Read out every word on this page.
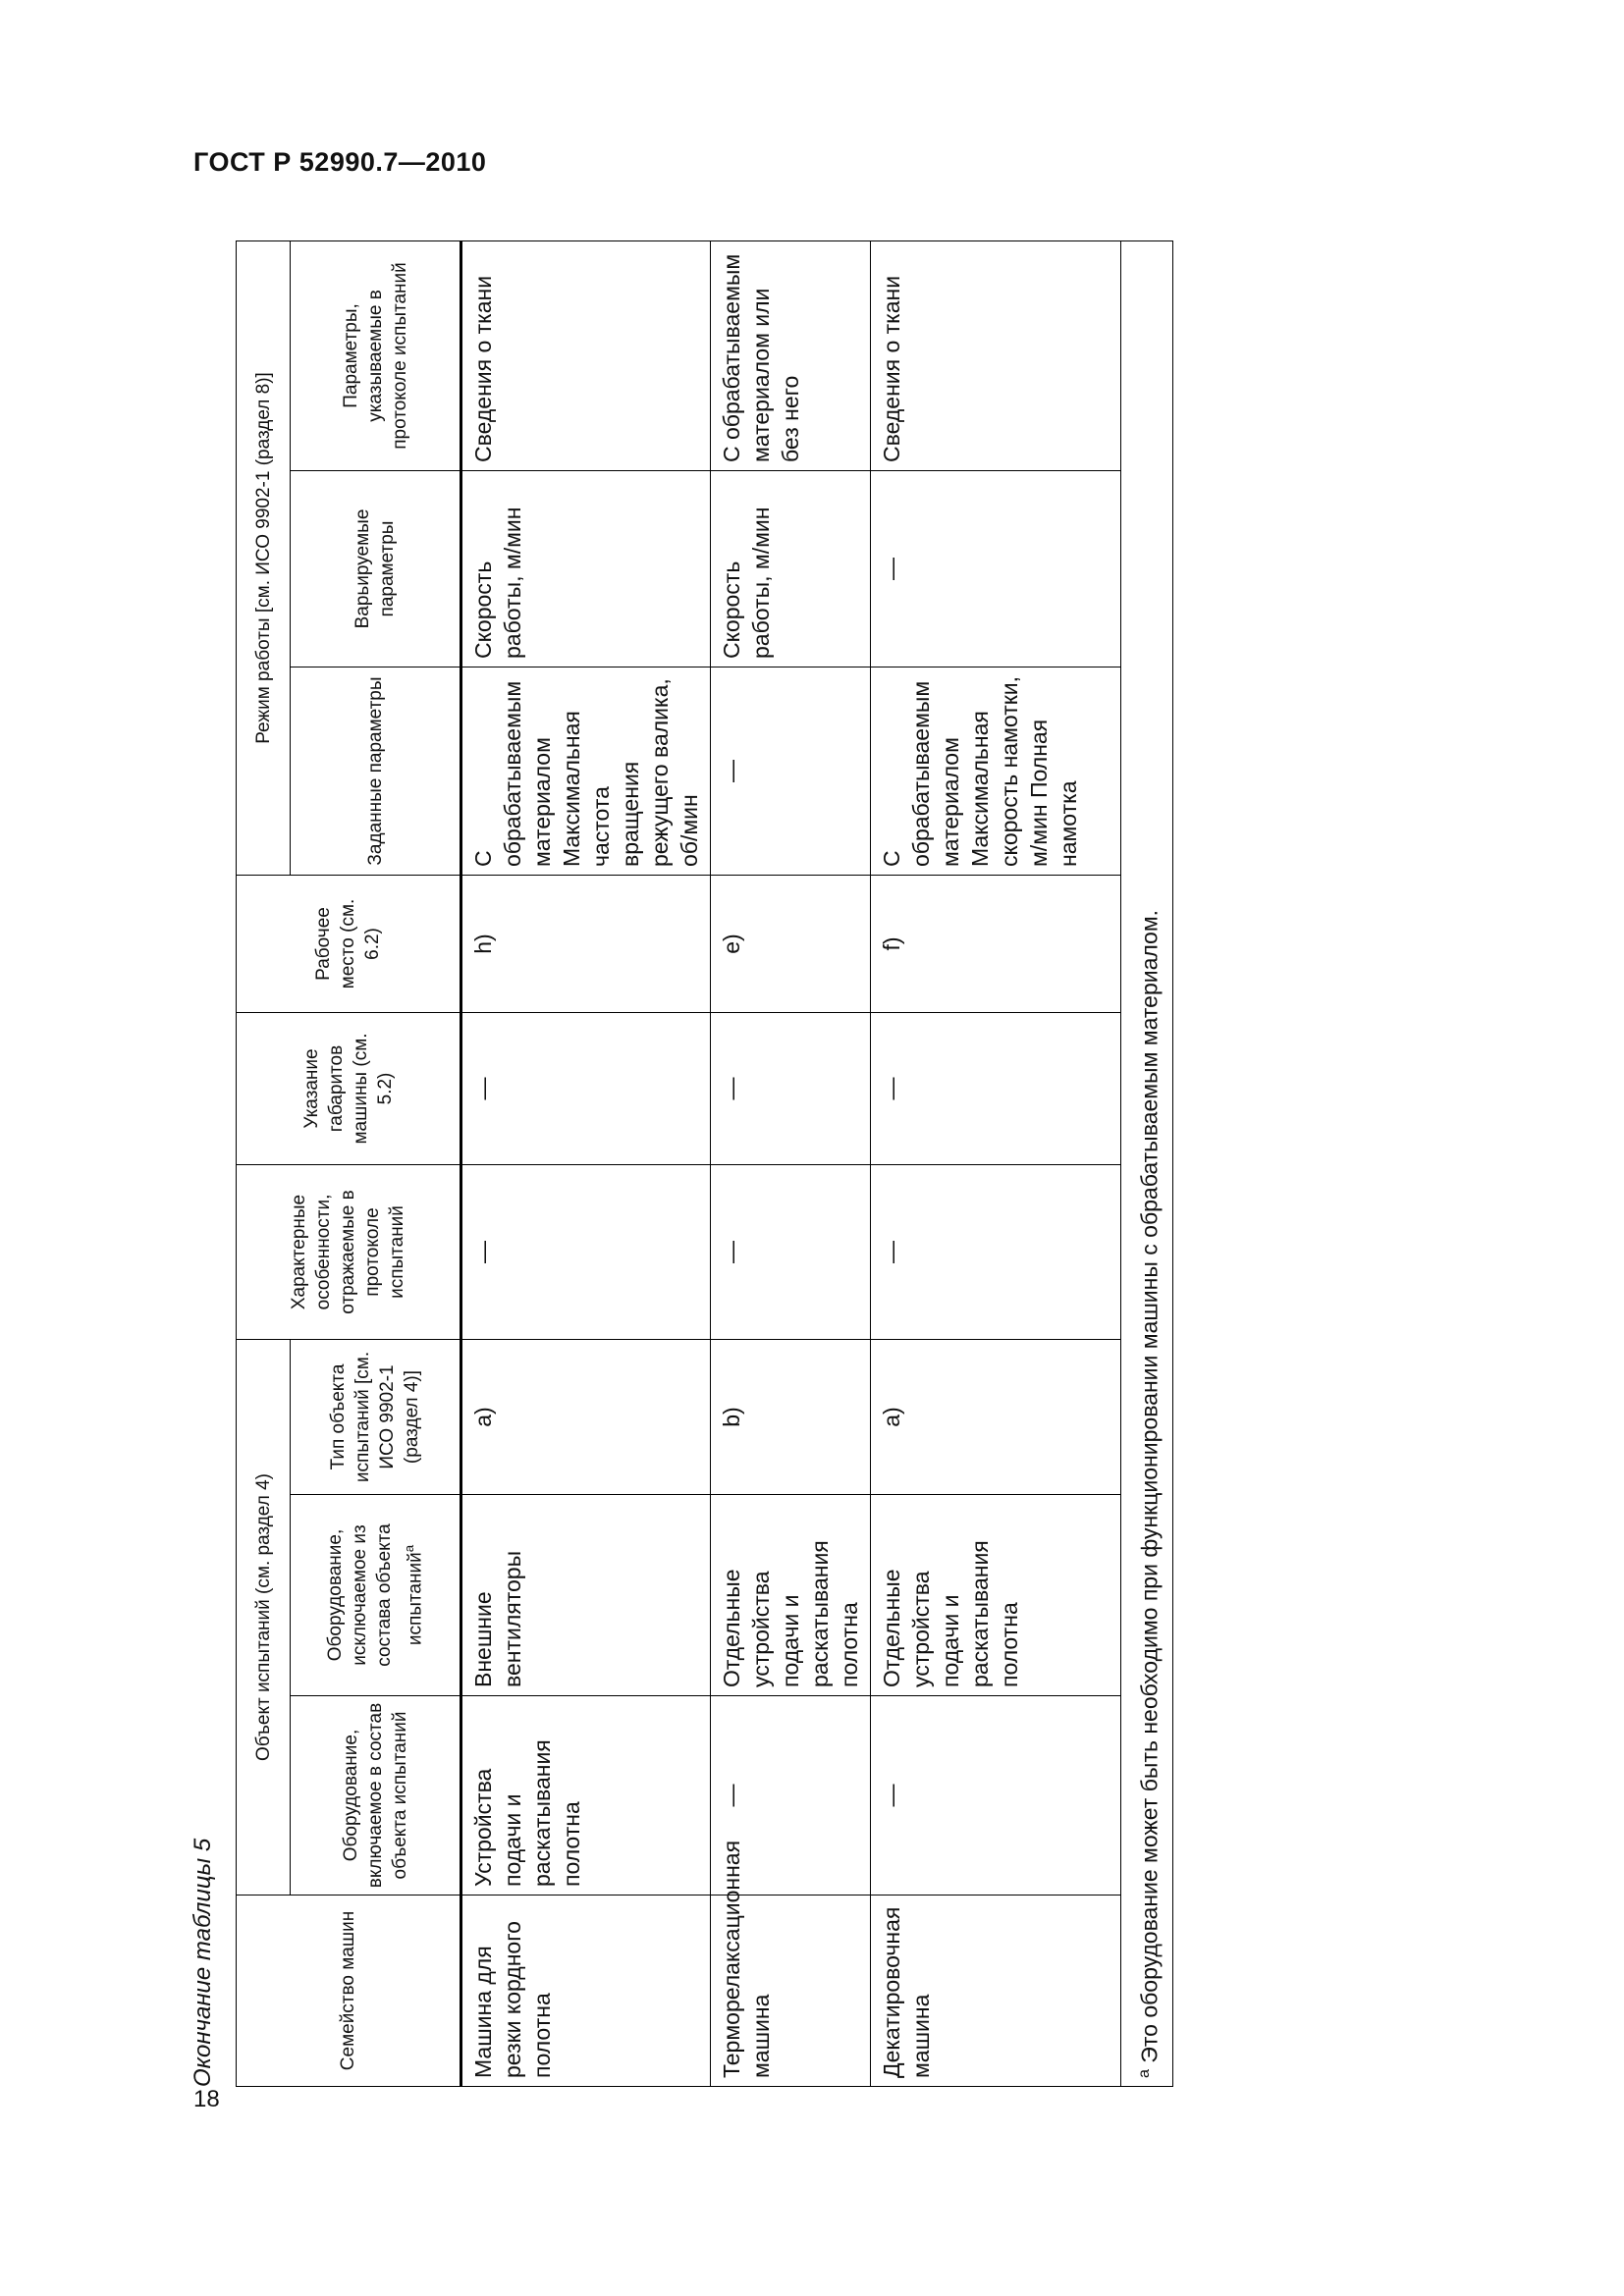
ГОСТ Р 52990.7—2010
Окончание таблицы 5	Семейство машин	Объект испытаний (см. раздел 4)			Характерные особенности, отражаемые в протоколе испытаний	Указание габаритов машины (см. 5.2)	Рабочее место (см. 6.2)	Режим работы [см. ИСО 9902-1 (раздел 8)]		
	Оборудование, включаемое в состав объекта испытаний	Оборудование, исключаемое из состава объекта испытаний$^a$	Тип объекта испытаний [см. ИСО 9902-1 (раздел 4)]				Заданные параметры	Варьируемые параметры	Параметры, указываемые в протоколе испытаний
Машина для резки кордного полотна	Устройства подачи и раскатывания полотна	Внешние вентиляторы	a)	—	—	h)	С обрабатываемым материалом Максимальная частота вращения режущего валика, об/мин	Скорость работы, м/мин	Сведения о ткани
Терморелаксационная машина	—	Отдельные устройства подачи и раскатывания полотна	b)	—	—	e)	—	Скорость работы, м/мин	С обрабатываемым материалом или без него
Декатировочная машина	—	Отдельные устройства подачи и раскатывания полотна	a)	—	—	f)	С обрабатываемым материалом Максимальная скорость намотки, м/мин Полная намотка	—	Сведения о ткани
$^a$ Это оборудование может быть необходимо при функционировании машины с обрабатываемым материалом.									
18
